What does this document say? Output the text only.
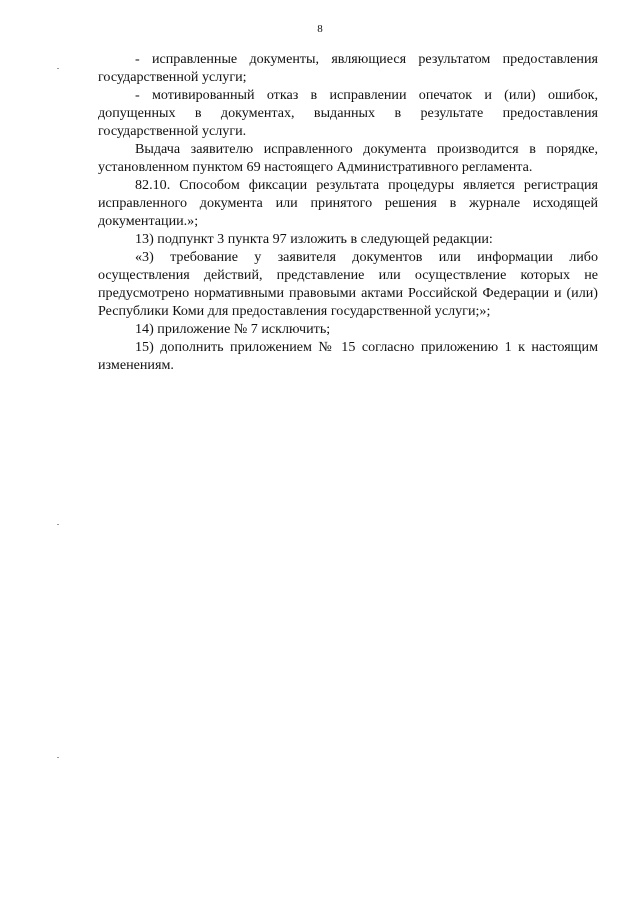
8

- исправленные документы, являющиеся результатом предоставления государственной услуги;

- мотивированный отказ в исправлении опечаток и (или) ошибок, допущенных в документах, выданных в результате предоставления государственной услуги.

Выдача заявителю исправленного документа производится в порядке, установленном пунктом 69 настоящего Административного регламента.

82.10. Способом фиксации результата процедуры является регистрация исправленного документа или принятого решения в журнале исходящей документации.»;

13) подпункт 3 пункта 97 изложить в следующей редакции:

«3) требование у заявителя документов или информации либо осуществления действий, представление или осуществление которых не предусмотрено нормативными правовыми актами Российской Федерации и (или) Республики Коми для предоставления государственной услуги;»;

14) приложение № 7 исключить;

15) дополнить приложением № 15 согласно приложению 1 к настоящим изменениям.
